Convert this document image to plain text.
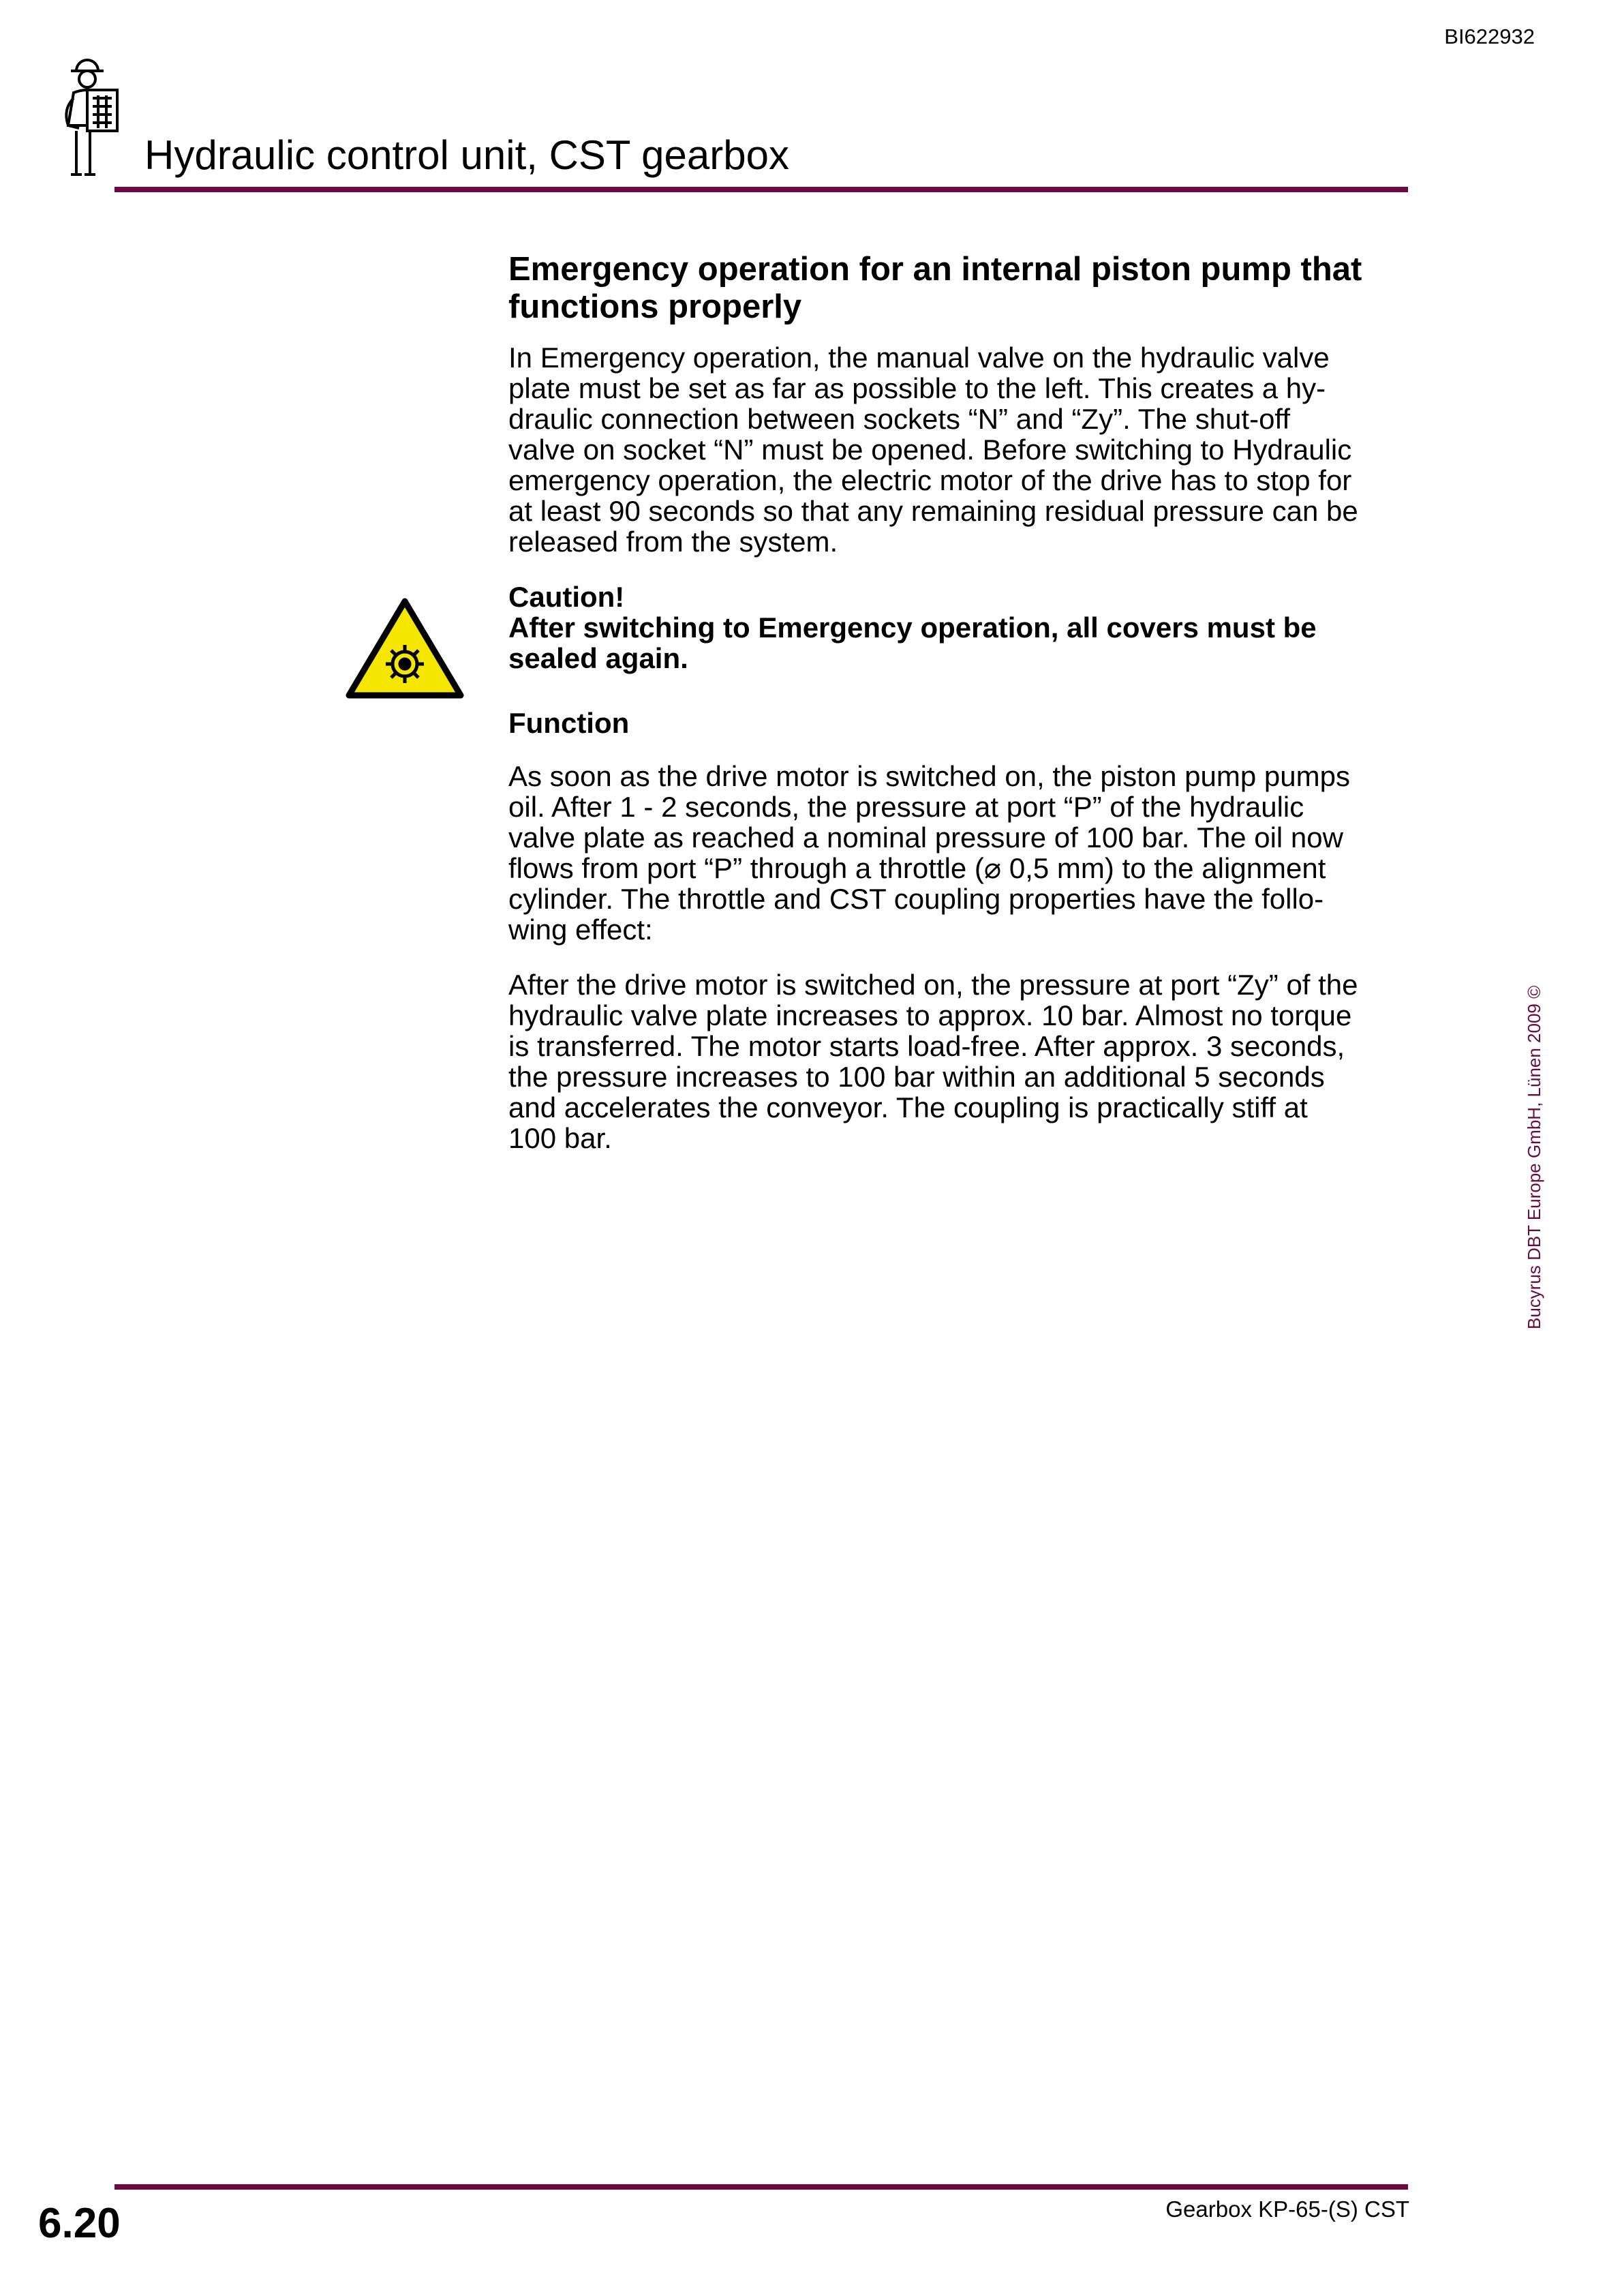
BI622932
Hydraulic control unit, CST gearbox
Emergency operation for an internal piston pump that functions properly

In Emergency operation, the manual valve on the hydraulic valve

plate must be set as far as possible to the left. This creates a hy-

draulic connection between sockets “N” and “Zy”. The shut-off

valve on socket “N” must be opened. Before switching to Hydraulic

emergency operation, the electric motor of the drive has to stop for

at least 90 seconds so that any remaining residual pressure can be

released from the system.

Caution!

After switching to Emergency operation, all covers must be

sealed again.

Function

As soon as the drive motor is switched on, the piston pump pumps

oil. After 1 - 2 seconds, the pressure at port “P” of the hydraulic

valve plate as reached a nominal pressure of 100 bar. The oil now

flows from port “P” through a throttle (⌀ 0,5 mm) to the alignment

cylinder. The throttle and CST coupling properties have the follo-

wing effect:

After the drive motor is switched on, the pressure at port “Zy” of the

hydraulic valve plate increases to approx. 10 bar. Almost no torque

is transferred. The motor starts load-free. After approx. 3 seconds,

the pressure increases to 100 bar within an additional 5 seconds

and accelerates the conveyor. The coupling is practically stiff at

100 bar.	Bucyrus DBT Europe GmbH, Lünen 2009 ©
6.20	Gearbox KP-65-(S) CST
